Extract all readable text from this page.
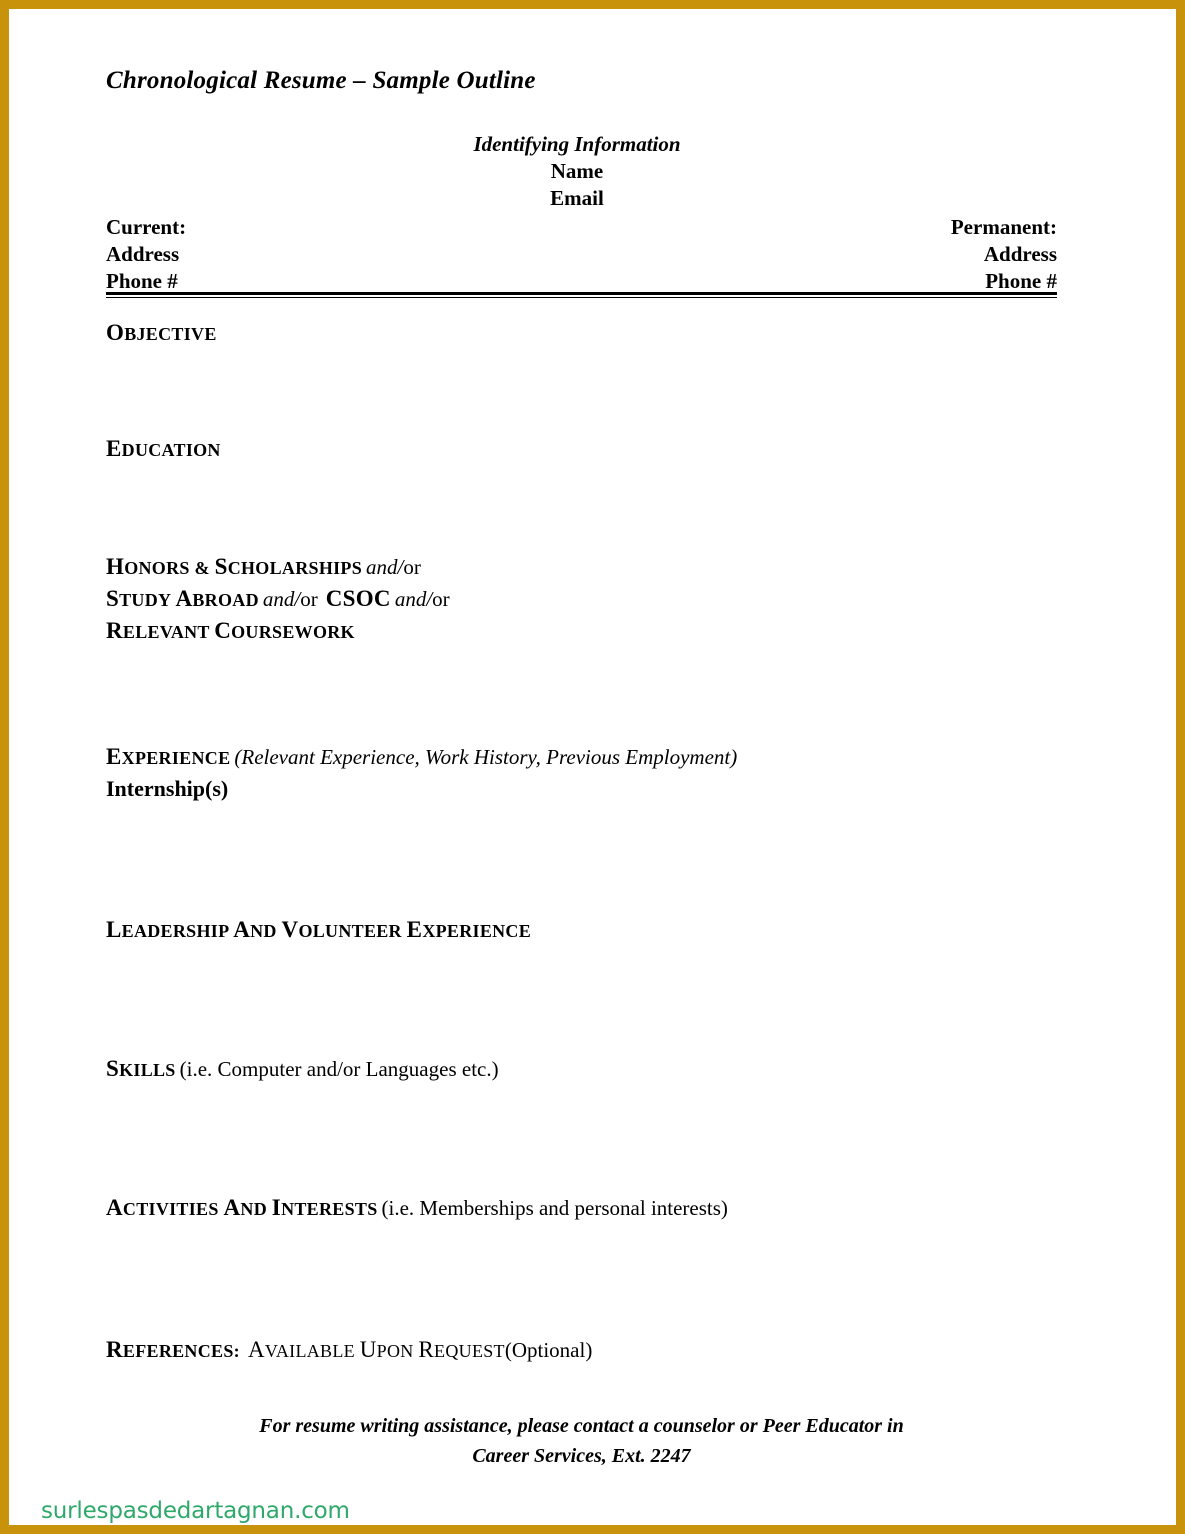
Chronological Resume – Sample Outline
Identifying Information
Name
Email
Current:	Permanent:
Address	Address
Phone #	Phone #
OBJECTIVE
EDUCATION
HONORS & SCHOLARSHIPS and/or
STUDY ABROAD and/or CSOC and/or
RELEVANT COURSEWORK
EXPERIENCE (Relevant Experience, Work History, Previous Employment)
Internship(s)
LEADERSHIP AND VOLUNTEER EXPERIENCE
SKILLS (i.e. Computer and/or Languages etc.)
ACTIVITIES AND INTERESTS (i.e. Memberships and personal interests)
REFERENCES: AVAILABLE UPON REQUEST(Optional)
For resume writing assistance, please contact a counselor or Peer Educator in
Career Services, Ext. 2247
surlespasdedartagnan.com
